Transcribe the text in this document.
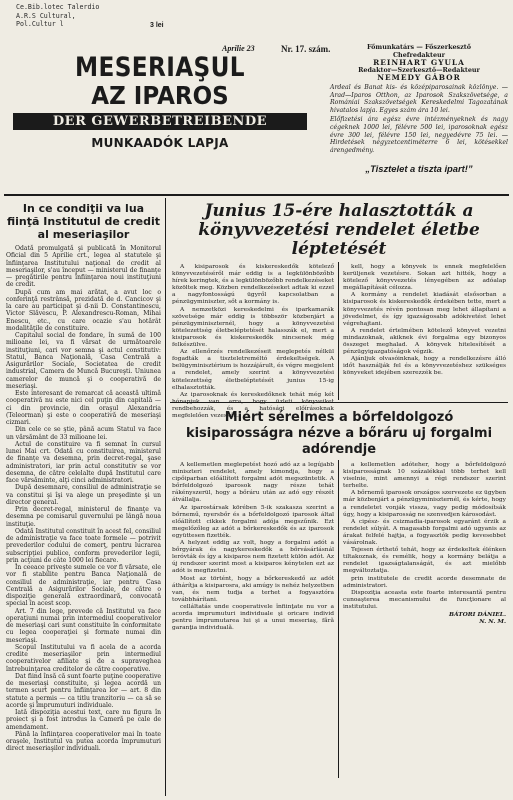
Ce.Bib.lotec Talerdio
A.R.S Cultural,
Pol.Cultur l	3 lei
Aprilie 23	Nr. 17. szám.
MESERIAŞUL
AZ IPAROS
DER GEWERBETREIBENDE
MUNKAADÓK LAPJA
Főmunkatárs — Főszerkesztő
Chefredakteur
REINHART GYULA
Redaktor—Szerkesztő—Redakteur
NEMEDY GÁBOR

Ardeal és Banat kis- és középiparosainak közlönye. — Arad—Iparos Otthon, az Iparosok Szakszövetsége, a Romániai Szakszövetségek Kereskedelmi Tagozatának hivatalos lapja. Egyes szám ára 10 lei.

Előfizetési ára egész évre intézményeknek és nagy cégeknek 1000 lei, félévre 500 lei, iparosoknak egész évre 300 lei, félévre 150 lei, negyedévre 75 lei. — Hirdetések négyzetcentiméterre 6 lei, kötésekkel árengedmény.

„Tisztelet a tiszta ipart!”
In ce condiţii va lua fiinţă Institutul de credit al meseriaşilor

Odată promulgată şi publicată în Monitorul Oficial din 5 Aprilie crt., legea al statutele şi înfiinţarea Institutului naţional de credit al meseriaşilor, s'au început — ministerul de finanţe — pregătirile pentru înfiinţarea noui instituţiuni de credit.

După cum am mai arătat, a avut loc o conferinţă restrânsă, prezidată de d. Cancicov şi la care au participat şi d-nii D. Constantinescu, Victor Slăvescu, P. Alexandrescu-Roman, Mihai Enescu, etc., cu care ocazie s'au hotărât modalităţile de constituire.

Capitalul social de fondare, în sumă de 100 milioane lei, va fi vărsat de următoarele instituţiuni, cari vor semna şi actul constitutiv: Statul, Banca Naţională, Casa Centrală a Asigurărilor Sociale, Societatea de credit industrial, Camera de Muncă Bucureşti. Uniunea camerelor de muncă şi o cooperativă de meseriaşi.

Este interesant de remarcat că această ultimă cooperativă nu este nici cel puţin din capitală — ci din provincie, din oraşul Alexandria (Teleorman) şi este o cooperativă de meseriaşi cizmari.

Din cele ce se ştie, până acum Statul va face un vărsământ de 33 milioane lei.

Actul de constituire va fi semnat în cursul lunei Mai crt. Odată cu constituirea, ministerul de finanţe va desemna, prin decret-regal, şase administratori, iar prin actul constitutiv se vor desemna, de către celelalte după Institutul care face vărsăminte, alţi cinci administratori.

După desemnare, consiliul de administraţie se va constitui şi îşi va alege un preşedinte şi un director general.

Prin decret-regal, ministerul de finanţe va desemna pe comisarul guvernului pe lângă noua instituţie.

Odată Institutul constituit în acest fel, consiliul de administraţie va face toate formele — potrivit prevederilor codului de comerţ, pentru lucrarea subscripţiei publice, conform prevederilor legii, prin acţiuni de câte 1000 lei fiecare.

În ceeace priveşte sumele ce vor fi vărsate, ele vor fi stabilite pentru Banca Naţională de consiliul de administraţie, iar pentru Casa Centrală a Asigurărilor Sociale, de către o dispoziţie generală extraordinară, convocată special în acest scop.

Art. 7 din lege, prevede că Institutul va face operaţiuni numai prin intermediul cooperativelor de meseriaşi cari sunt constituite în conformitate cu legea cooperaţiei şi formate numai din meseriaşi.

Scopul Institutului va fi acela de a acorda credite meseriaşilor prin intermediul cooperativelor afiliate şi de a supraveghea întrebuinţarea creditelor de către cooperative.

Dat fiind însă că sunt foarte puţine cooperative de meseriaşi constituite, şi legea acordă un termen scurt pentru înfiinţarea lor — art. 8 din statute a permis — ca titlu tranzitoriu — ca să se acorde şi împrumuturi individuale.

Iată dispoziţia acestui text, care nu figura în proiect şi a fost introdus la Cameră pe cale de amendament.

Până la înfiinţarea cooperativelor mai în toate oraşele, Institutul va putea acorda împrumuturi direct meseriaşilor individuali.

Junius 15-ére halasztották a könyvvezetési rendelet életbe léptetését

A kisiparosok és kiskereskedők kötelező könyvvezetéséről már eddig is a legkülönbözőbb hírek keringtek, és a legkülönbözőbb rendelkezéseket közöltek meg. Közben rendelkezéseket adtak ki ezzel a nagyfontosságú ügyről kapcsolatban a pénzügyminiszter, sőt a kormány is.

A nemzetközi kereskedelmi és iparkamarák szövetsége már eddig is többször közbenjárt a pénzügyminiszternél, hogy a könyvvezetési kötelezettség életbeléptetését halasszák el, mert a kisiparosok és kiskereskedők nincsenek még felkészülve.

Az ellenőrzés rendelkezéseit meglepetés nélkül fogadták a tiszteletreméltó érdekeltségek. A belügyminisztérium is hozzájárult, és végre megjelent a rendelet, amely szerint a könyvvezetési kötelezettség életbeléptetését junius 15-ig elhalasztották.

Az iparosoknak és kereskedőknek tehát még két hónapjuk van arra, hogy üzleti könyveiket rendbehozzák, és a hatósági előírásoknak megfelelően vezessék.

kell, hogy a könyvek is ennek megfelelően kerüljenek vezetésre. Sokan azt hitték, hogy a kötelező könyvvezetés lényegében az adóalap megállapítását célozza.

A kormány a rendelet kiadását elsősorban a kisiparosok és kiskereskedők érdekében tette, mert a könyvvezetés révén pontosan meg lehet állapítani a jövedelmet, és így igazságosabb adókivetést lehet végrehajtani.

A rendelet értelmében kötelező könyvet vezetni mindazoknak, akiknek évi forgalma egy bizonyos összeget meghalad. A könyvek hitelesítését a pénzügyigazgatóságok végzik.

Ajánljuk olvasóinknak, hogy a rendelkezésre álló időt használják fel és a könyvvezetéshez szükséges könyveket idejében szerezzék be.

Miért sérelmes a bőrfeldolgozó kisiparosságra nézve a bőráru uj forgalmi adórendje

A kellemetlen meglepetést hozó adó az a legújabb miniszteri rendelet, amely kimondja, hogy a cipőiparban előállított forgalmi adót megszüntetik. A bőrfeldolgozó iparosok nagy része tehát rákényszerül, hogy a bőráru után az adó egy részét átvállalja.

Az iparostársak körében 5-ik szakasza szerint a bőrnemű, nyersbőr és a bőrfeldolgozó iparosok által előállított cikkek forgalmi adója megszűnik. Ezt megelőzőleg az adót a bőrkereskedők és az iparosok együttesen fizették.

A helyzet eddig az volt, hogy a forgalmi adót a bőrgyárak és nagykereskedők a bőrvásárlásnál leróvták és így a kisiparos nem fizetett külön adót. Az új rendszer szerint most a kisiparos kénytelen ezt az adót is megfizetni.

Most az történt, hogy a bőrkereskedő az adót áthárítja a kisiparosra, aki amúgy is nehéz helyzetben van, és nem tudja a terhet a fogyasztóra továbbhárítani.

celláltatás unde cooperativele înfiinţate nu vor a acorda imprumuturi individuale şi oricare individ pentru împrumutarea lui şi a unui meseriaş, fără garanţia individuală.

a kellemetlen adóteher, hogy a bőrfeldolgozó kisiparosságnak 10 százalékkal több terhet kell viselnie, mint amennyi a régi rendszer szerint terhelte.

A bőrnemű iparosok országos szervezete ez ügyben már közbenjárt a pénzügyminiszternél, és kérte, hogy a rendeletet vonják vissza, vagy pedig módosítsák úgy, hogy a kisiparosság ne szenvedjen károsodást.

A cipész- és csizmadia-iparosok egyaránt érzik a rendelet súlyát. A magasabb forgalmi adó ugyanis az árakat felfelé hajtja, a fogyasztók pedig kevesebbet vásárolnak.

Tejesen érthető tehát, hogy az érdekeltek élénken tiltakoznak, és remélik, hogy a kormány belátja a rendelet igazságtalanságát, és azt mielőbb megváltoztatja.

prin institutele de credit acorde desemnate de administratori.

Dispoziţia aceasta este foarte interesantă pentru cunoaşterea mecanismului de funcţionare al institutului.

BÁTORI DÁNIEL.
N. N. M.
